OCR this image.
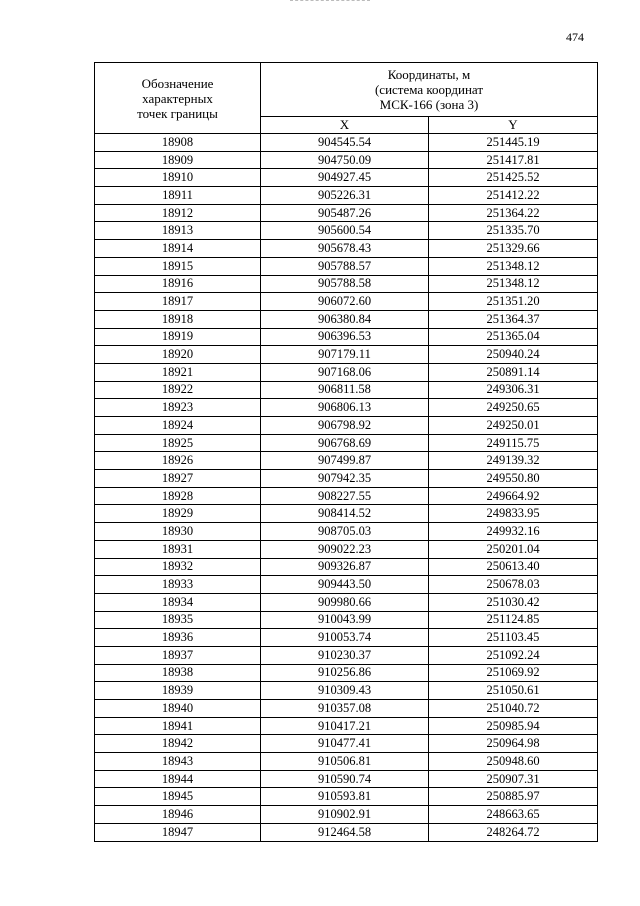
474
Обозначение
характерных
точек границы	Координаты, м
(система координат
МСК-166 (зона 3)	

	X	Y
18908	904545.54	251445.19
18909	904750.09	251417.81
18910	904927.45	251425.52
18911	905226.31	251412.22
18912	905487.26	251364.22
18913	905600.54	251335.70
18914	905678.43	251329.66
18915	905788.57	251348.12
18916	905788.58	251348.12
18917	906072.60	251351.20
18918	906380.84	251364.37
18919	906396.53	251365.04
18920	907179.11	250940.24
18921	907168.06	250891.14
18922	906811.58	249306.31
18923	906806.13	249250.65
18924	906798.92	249250.01
18925	906768.69	249115.75
18926	907499.87	249139.32
18927	907942.35	249550.80
18928	908227.55	249664.92
18929	908414.52	249833.95
18930	908705.03	249932.16
18931	909022.23	250201.04
18932	909326.87	250613.40
18933	909443.50	250678.03
18934	909980.66	251030.42
18935	910043.99	251124.85
18936	910053.74	251103.45
18937	910230.37	251092.24
18938	910256.86	251069.92
18939	910309.43	251050.61
18940	910357.08	251040.72
18941	910417.21	250985.94
18942	910477.41	250964.98
18943	910506.81	250948.60
18944	910590.74	250907.31
18945	910593.81	250885.97
18946	910902.91	248663.65
18947	912464.58	248264.72
